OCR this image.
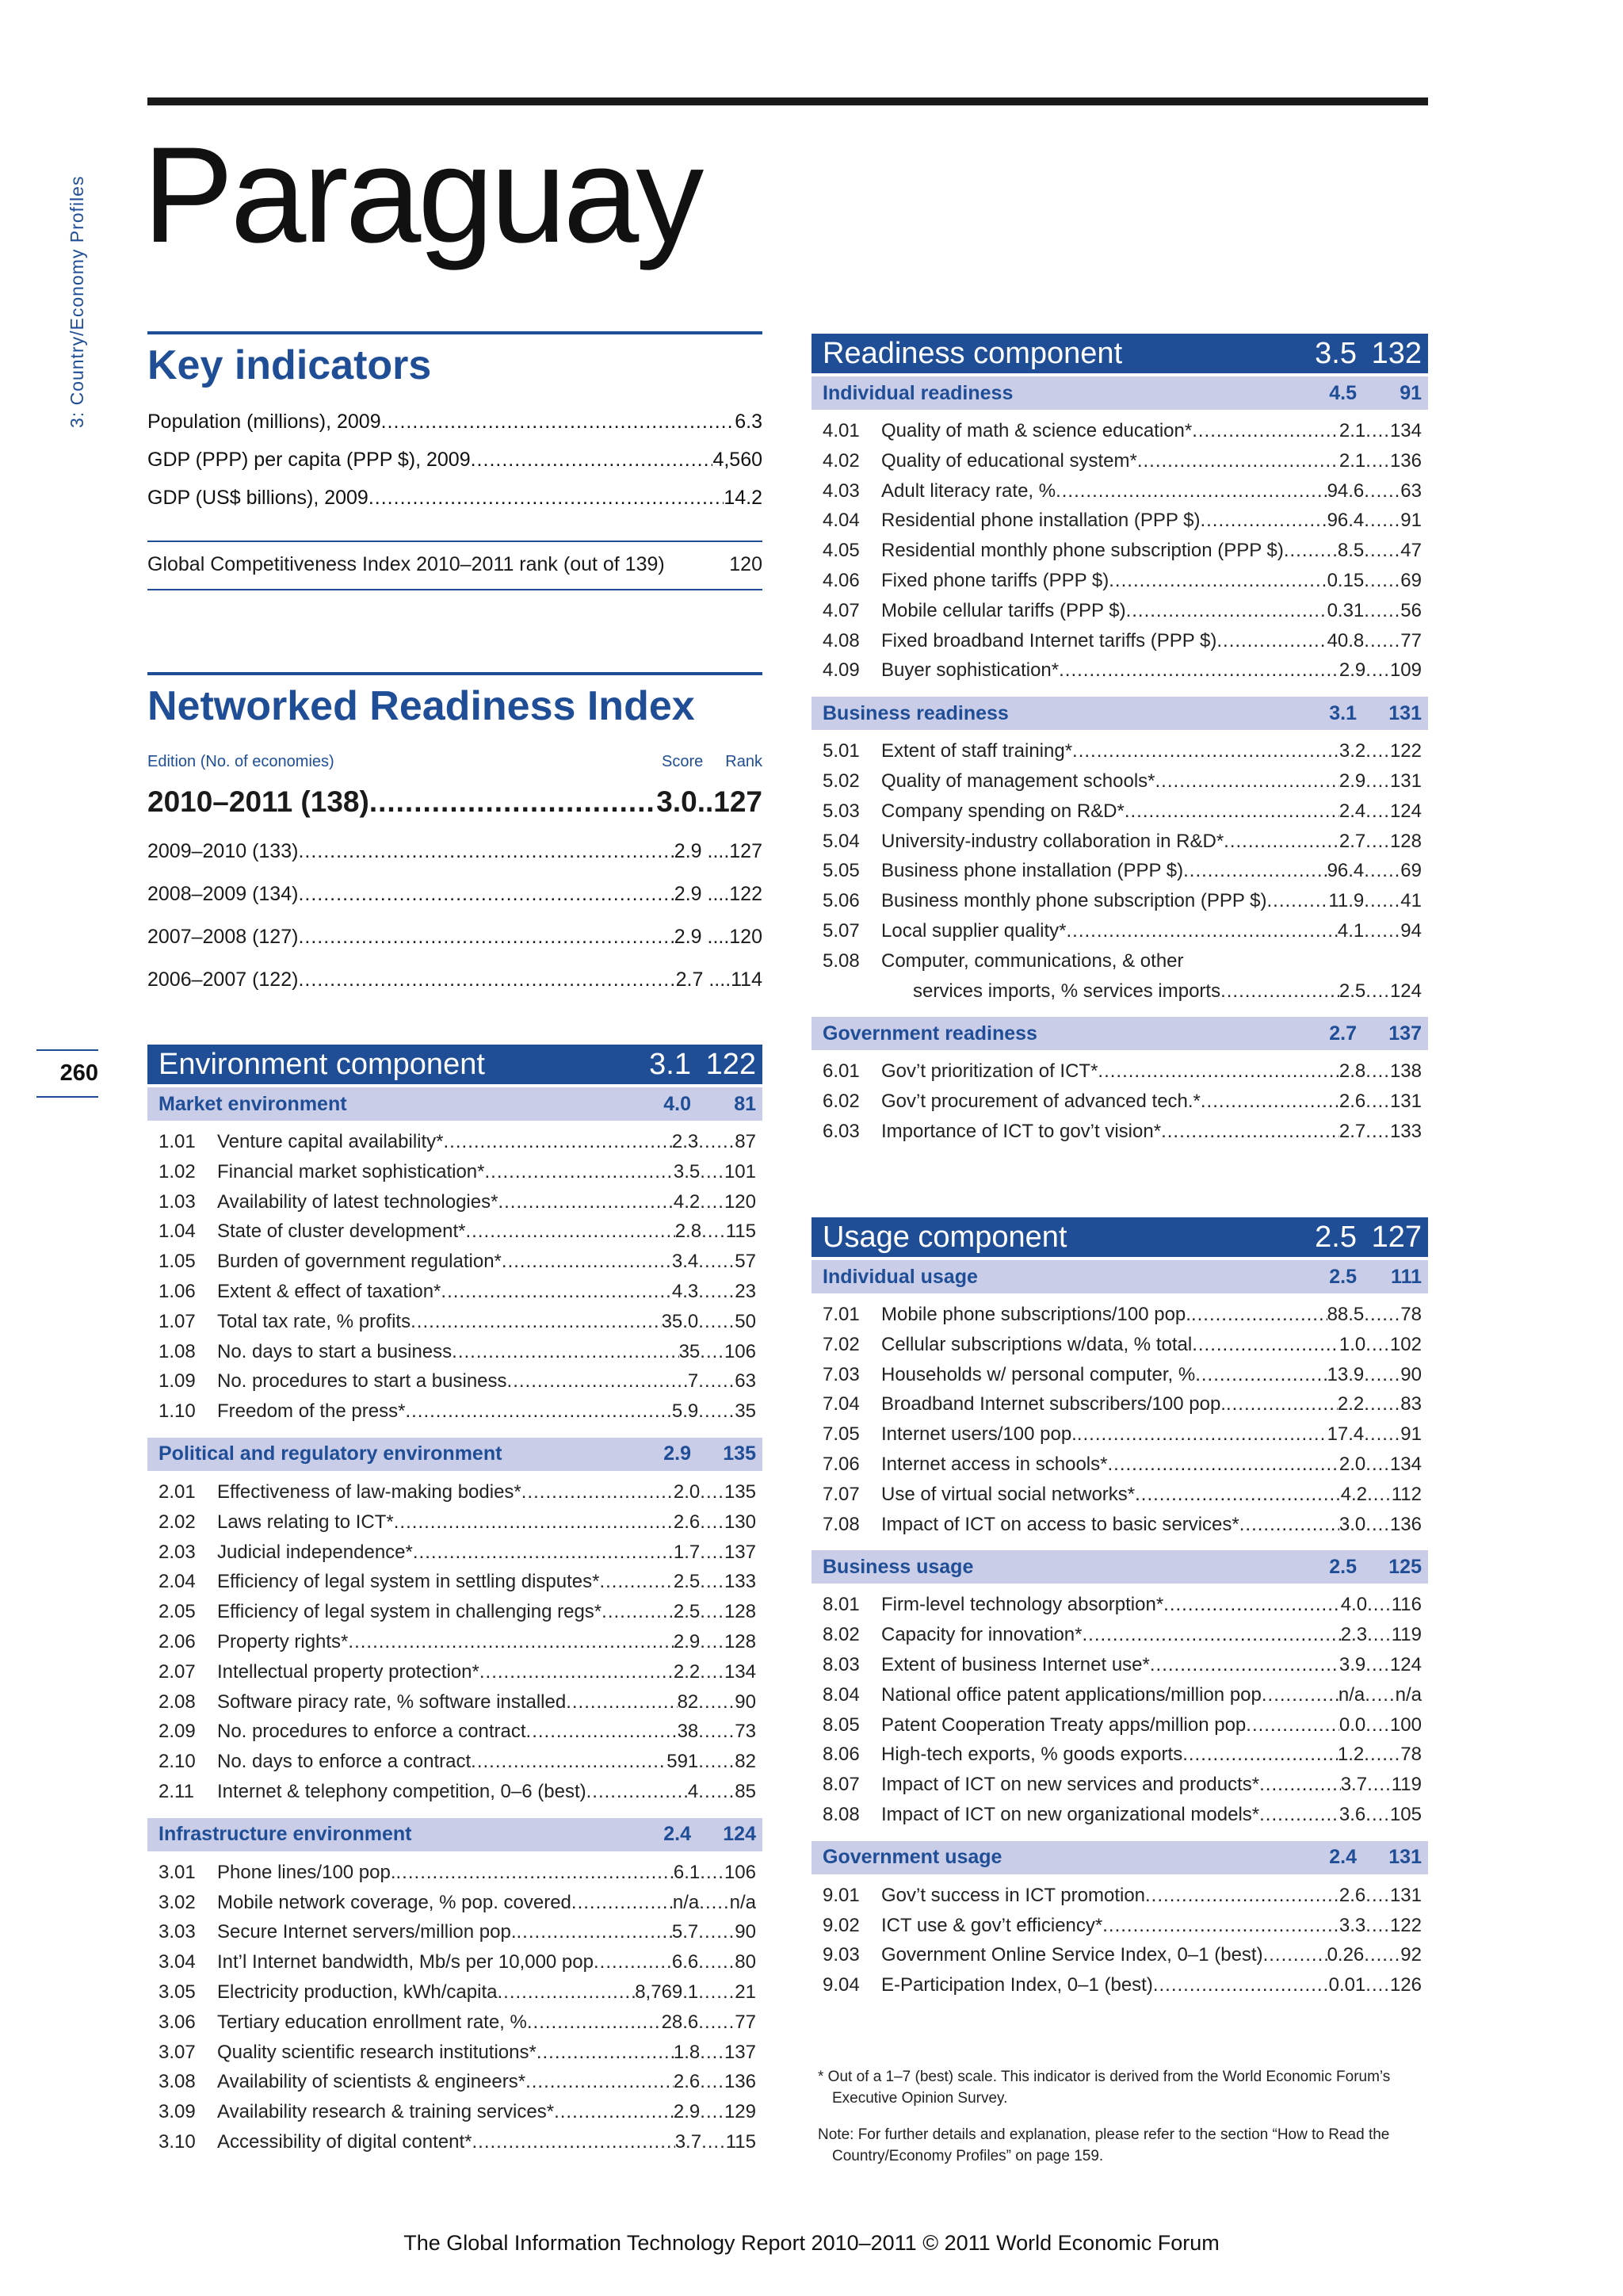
3: Country/Economy Profiles
260
Paraguay
Key indicators
Population (millions), 2009 .....	6.3
GDP (PPP) per capita (PPP $), 2009 .....	4,560
GDP (US$ billions), 2009 .....	14.2
Global Competitiveness Index 2010–2011 rank (out of 139)	120
Networked Readiness Index
Edition (No. of economies)	Score Rank
2010–2011 (138) .....	3.0..127
2009–2010 (133) .....	2.9 ....127
2008–2009 (134) .....	2.9 ....122
2007–2008 (127) .....	2.9 ....120
2006–2007 (122) .....	2.7 ....114
Environment component	3.1 122
Market environment	4.0	81
1.01	Venture capital availability* .....	2.3 ...... 87
1.02	Financial market sophistication* .....	3.5 .... 101
1.03	Availability of latest technologies* .....	4.2 .... 120
1.04	State of cluster development* .....	2.8 .... 115
1.05	Burden of government regulation* .....	3.4 ...... 57
1.06	Extent & effect of taxation* .....	4.3 ...... 23
1.07	Total tax rate, % profits .....	35.0 ...... 50
1.08	No. days to start a business .....	35 .... 106
1.09	No. procedures to start a business .....	7 ...... 63
1.10	Freedom of the press* .....	5.9 ...... 35
Political and regulatory environment	2.9	135
2.01	Effectiveness of law-making bodies* .....	2.0 .... 135
2.02	Laws relating to ICT* .....	2.6 .... 130
2.03	Judicial independence* .....	1.7 .... 137
2.04	Efficiency of legal system in settling disputes* .....	2.5 .... 133
2.05	Efficiency of legal system in challenging regs* .....	2.5 .... 128
2.06	Property rights* .....	2.9 .... 128
2.07	Intellectual property protection* .....	2.2 .... 134
2.08	Software piracy rate, % software installed .....	82 ...... 90
2.09	No. procedures to enforce a contract .....	38 ...... 73
2.10	No. days to enforce a contract .....	591 ...... 82
2.11	Internet & telephony competition, 0–6 (best) .....	4 ...... 85
Infrastructure environment	2.4	124
3.01	Phone lines/100 pop. .....	6.1 .... 106
3.02	Mobile network coverage, % pop. covered .....	n/a ..... n/a
3.03	Secure Internet servers/million pop. .....	5.7 ...... 90
3.04	Int’l Internet bandwidth, Mb/s per 10,000 pop .....	6.6 ...... 80
3.05	Electricity production, kWh/capita .....	8,769.1 ...... 21
3.06	Tertiary education enrollment rate, % .....	28.6 ...... 77
3.07	Quality scientific research institutions* .....	1.8 .... 137
3.08	Availability of scientists & engineers* .....	2.6 .... 136
3.09	Availability research & training services* .....	2.9 .... 129
3.10	Accessibility of digital content* .....	3.7 .... 115
Readiness component	3.5 132
Individual readiness	4.5	91
4.01	Quality of math & science education* .....	2.1 .... 134
4.02	Quality of educational system* .....	2.1 .... 136
4.03	Adult literacy rate, % .....	94.6 ...... 63
4.04	Residential phone installation (PPP $) .....	96.4 ...... 91
4.05	Residential monthly phone subscription (PPP $) .....	8.5 ...... 47
4.06	Fixed phone tariffs (PPP $) .....	0.15 ...... 69
4.07	Mobile cellular tariffs (PPP $) .....	0.31 ...... 56
4.08	Fixed broadband Internet tariffs (PPP $) .....	40.8 ...... 77
4.09	Buyer sophistication* .....	2.9 .... 109
Business readiness	3.1	131
5.01	Extent of staff training* .....	3.2 .... 122
5.02	Quality of management schools* .....	2.9 .... 131
5.03	Company spending on R&D* .....	2.4 .... 124
5.04	University-industry collaboration in R&D* .....	2.7 .... 128
5.05	Business phone installation (PPP $) .....	96.4 ...... 69
5.06	Business monthly phone subscription (PPP $) .....	11.9 ...... 41
5.07	Local supplier quality* .....	4.1 ...... 94
5.08	Computer, communications, & other
services imports, % services imports .....	2.5 .... 124
Government readiness	2.7	137
6.01	Gov’t prioritization of ICT* .....	2.8 .... 138
6.02	Gov’t procurement of advanced tech.* .....	2.6 .... 131
6.03	Importance of ICT to gov’t vision* .....	2.7 .... 133
Usage component	2.5 127
Individual usage	2.5	111
7.01	Mobile phone subscriptions/100 pop. .....	88.5 ...... 78
7.02	Cellular subscriptions w/data, % total .....	1.0 .... 102
7.03	Households w/ personal computer, % .....	13.9 ...... 90
7.04	Broadband Internet subscribers/100 pop. .....	2.2 ...... 83
7.05	Internet users/100 pop. .....	17.4 ...... 91
7.06	Internet access in schools* .....	2.0 .... 134
7.07	Use of virtual social networks* .....	4.2 .... 112
7.08	Impact of ICT on access to basic services* .....	3.0 .... 136
Business usage	2.5	125
8.01	Firm-level technology absorption* .....	4.0 .... 116
8.02	Capacity for innovation* .....	2.3 .... 119
8.03	Extent of business Internet use* .....	3.9 .... 124
8.04	National office patent applications/million pop .....	n/a ..... n/a
8.05	Patent Cooperation Treaty apps/million pop .....	0.0 .... 100
8.06	High-tech exports, % goods exports .....	1.2 ...... 78
8.07	Impact of ICT on new services and products* .....	3.7 .... 119
8.08	Impact of ICT on new organizational models* .....	3.6 .... 105
Government usage	2.4	131
9.01	Gov’t success in ICT promotion .....	2.6 .... 131
9.02	ICT use & gov’t efficiency* .....	3.3 .... 122
9.03	Government Online Service Index, 0–1 (best) .....	0.26 ...... 92
9.04	E-Participation Index, 0–1 (best) .....	0.01 .... 126

* Out of a 1–7 (best) scale. This indicator is derived from the World Economic Forum’s Executive Opinion Survey.

Note: For further details and explanation, please refer to the section “How to Read the Country/Economy Profiles” on page 159.

The Global Information Technology Report 2010–2011 © 2011 World Economic Forum
